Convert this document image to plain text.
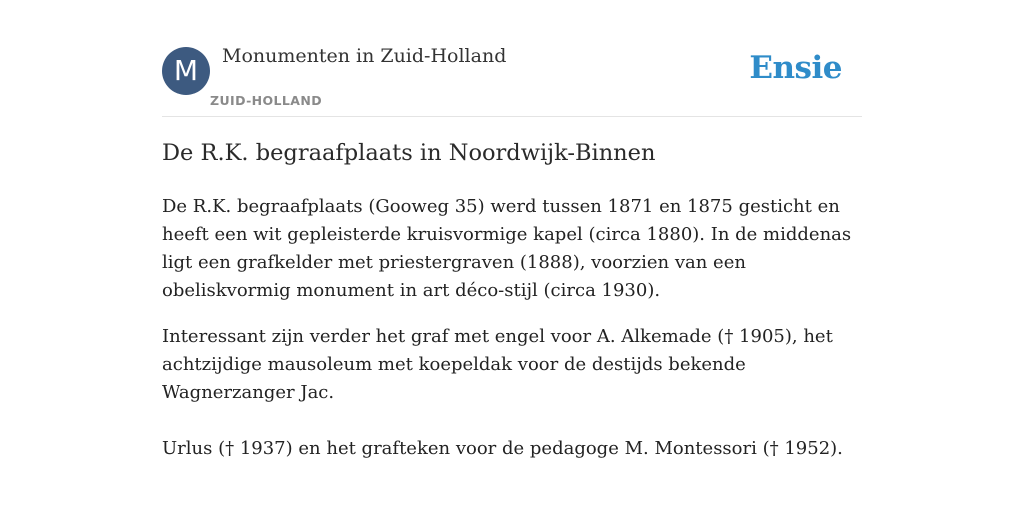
M	Monumenten in Zuid-Holland
ZUID-HOLLAND
Ensie
De R.K. begraafplaats in Noordwijk-Binnen

De R.K. begraafplaats (Gooweg 35) werd tussen 1871 en 1875 gesticht en heeft een wit gepleisterde kruisvormige kapel (circa 1880). In de middenas ligt een grafkelder met priestergraven (1888), voorzien van een obeliskvormig monument in art déco-stijl (circa 1930).

Interessant zijn verder het graf met engel voor A. Alkemade († 1905), het achtzijdige mausoleum met koepeldak voor de destijds bekende Wagnerzanger Jac.

Urlus († 1937) en het grafteken voor de pedagoge M. Montessori († 1952).
